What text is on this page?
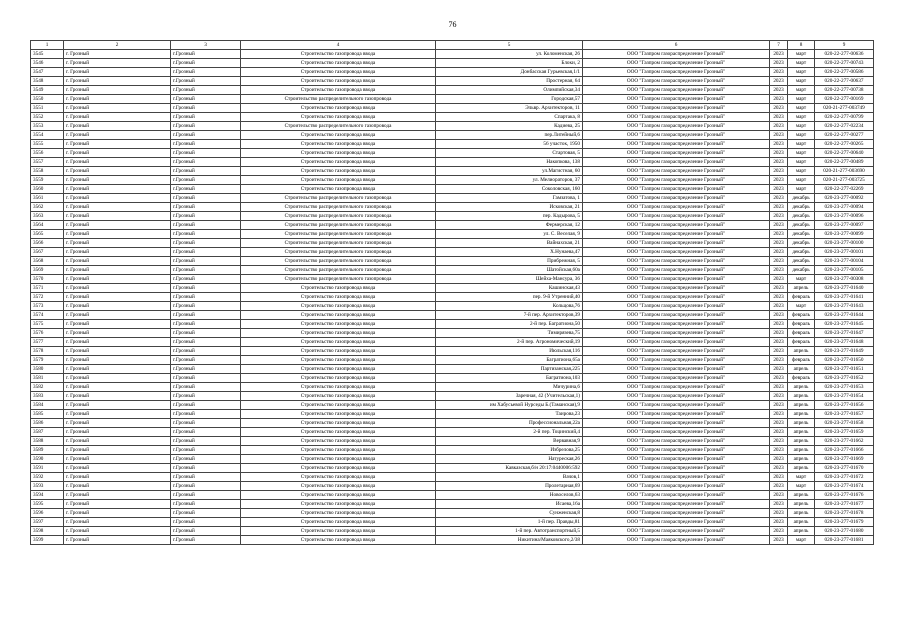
76
1	2	3	4	5	6	7	8	9
3545	г. Грозный	г.Грозный	Строительство газопровода ввода	ул. Коломенская, 26	ООО "Газпром газораспределение Грозный"	2023	март	020-22-277-00636
3546	г. Грозный	г.Грозный	Строительство газопровода ввода	Блоки, 2	ООО "Газпром газораспределение Грозный"	2023	март	020-22-277-00743
3547	г. Грозный	г.Грозный	Строительство газопровода ввода	Донбасская Гурьевская,1/1	ООО "Газпром газораспределение Грозный"	2023	март	020-22-277-00586
3548	г. Грозный	г.Грозный	Строительство газопровода ввода	Простерная, 64	ООО "Газпром газораспределение Грозный"	2023	март	020-22-277-00637
3549	г. Грозный	г.Грозный	Строительство газопровода ввода	Олимпийская,34	ООО "Газпром газораспределение Грозный"	2023	март	020-22-277-00738
3550	г. Грозный	г.Грозный	Строительство распределительного газопровода	Городская,57	ООО "Газпром газораспределение Грозный"	2023	март	020-22-277-00169
3551	г. Грозный	г.Грозный	Строительство газопровода ввода	Эльвр. Архитекторов, 11	ООО "Газпром газораспределение Грозный"	2023	март	020-21-277-003749
3552	г. Грозный	г.Грозный	Строительство газопровода ввода	Спартака, 8	ООО "Газпром газораспределение Грозный"	2023	март	020-22-277-00799
3553	г. Грозный	г.Грозный	Строительство распределительного газопровода	Кадиева, 25	ООО "Газпром газораспределение Грозный"	2023	март	020-22-277-02234
3554	г. Грозный	г.Грозный	Строительство газопровода ввода	пер.Литейный,6	ООО "Газпром газораспределение Грозный"	2023	март	020-22-277-00277
3555	г. Грозный	г.Грозный	Строительство газопровода ввода	56 участок, 1950	ООО "Газпром газораспределение Грозный"	2023	март	020-22-277-00265
3556	г. Грозный	г.Грозный	Строительство газопровода ввода	Стартовая, 5	ООО "Газпром газораспределение Грозный"	2023	март	020-22-277-00640
3557	г. Грозный	г.Грозный	Строительство газопровода ввода	Накопкова, 138	ООО "Газпром газораспределение Грозный"	2023	март	020-22-277-00489
3558	г. Грозный	г.Грозный	Строительство газопровода ввода	ул.Магистная, 60	ООО "Газпром газораспределение Грозный"	2023	март	020-21-277-003690
3559	г. Грозный	г.Грозный	Строительство газопровода ввода	ул. Мелиораторов, 37	ООО "Газпром газораспределение Грозный"	2023	март	020-21-277-003725
3560	г. Грозный	г.Грозный	Строительство газопровода ввода	Соколовская, 160	ООО "Газпром газораспределение Грозный"	2023	март	020-22-277-02269
3561	г. Грозный	г.Грозный	Строительство распределительного газопровода	Гамзатова, 1	ООО "Газпром газораспределение Грозный"	2023	декабрь	020-23-277-00092
3562	г. Грозный	г.Грозный	Строительство распределительного газопровода	Исковская, 21	ООО "Газпром газораспределение Грозный"	2023	декабрь	020-23-277-00094
3563	г. Грозный	г.Грозный	Строительство распределительного газопровода	пер. Кадырова, 5	ООО "Газпром газораспределение Грозный"	2023	декабрь	020-23-277-00096
3564	г. Грозный	г.Грозный	Строительство распределительного газопровода	Фермерская, 12	ООО "Газпром газораспределение Грозный"	2023	декабрь	020-23-277-00097
3565	г. Грозный	г.Грозный	Строительство распределительного газопровода	ул. С. Веселая, 9	ООО "Газпром газораспределение Грозный"	2023	декабрь	020-23-277-00099
3566	г. Грозный	г.Грозный	Строительство распределительного газопровода	Вайнахская, 21	ООО "Газпром газораспределение Грозный"	2023	декабрь	020-23-277-00100
3567	г. Грозный	г.Грозный	Строительство распределительного газопровода	Х.Нунаева,47	ООО "Газпром газораспределение Грозный"	2023	декабрь	020-23-277-00101
3568	г. Грозный	г.Грозный	Строительство распределительного газопровода	Прибрежная, 5	ООО "Газпром газораспределение Грозный"	2023	декабрь	020-23-277-00104
3569	г. Грозный	г.Грозный	Строительство распределительного газопровода	Шатойская,60а	ООО "Газпром газораспределение Грозный"	2023	декабрь	020-23-277-00105
3570	г. Грозный	г.Грозный	Строительство распределительного газопровода	Шейха-Мансура, 36	ООО "Газпром газораспределение Грозный"	2023	март	020-23-277-00308
3571	г. Грозный	г.Грозный	Строительство газопровода ввода	Кашинская,43	ООО "Газпром газораспределение Грозный"	2023	апрель	020-23-277-01640
3572	г. Грозный	г.Грозный	Строительство газопровода ввода	пер. 9-й Утренний,40	ООО "Газпром газораспределение Грозный"	2023	февраль	020-23-277-01641
3573	г. Грозный	г.Грозный	Строительство газопровода ввода	Кольцова,76	ООО "Газпром газораспределение Грозный"	2023	март	020-23-277-01643
3574	г. Грозный	г.Грозный	Строительство газопровода ввода	7-й пер. Архитекторов,39	ООО "Газпром газораспределение Грозный"	2023	февраль	020-23-277-01644
3575	г. Грозный	г.Грозный	Строительство газопровода ввода	2-й пер. Багратиона,50	ООО "Газпром газораспределение Грозный"	2023	февраль	020-23-277-01645
3576	г. Грозный	г.Грозный	Строительство газопровода ввода	Тимирязева,75	ООО "Газпром газораспределение Грозный"	2023	февраль	020-23-277-01647
3577	г. Грозный	г.Грозный	Строительство газопровода ввода	2-й пер. Агрономический,19	ООО "Газпром газораспределение Грозный"	2023	февраль	020-23-277-01648
3578	г. Грозный	г.Грозный	Строительство газопровода ввода	Июльская,116	ООО "Газпром газораспределение Грозный"	2023	апрель	020-23-277-01649
3579	г. Грозный	г.Грозный	Строительство газопровода ввода	Багратиона,65а	ООО "Газпром газораспределение Грозный"	2023	февраль	020-23-277-01650
3580	г. Грозный	г.Грозный	Строительство газопровода ввода	Партизанская,225	ООО "Газпром газораспределение Грозный"	2023	апрель	020-23-277-01651
3581	г. Грозный	г.Грозный	Строительство газопровода ввода	Багратиона,103	ООО "Газпром газораспределение Грозный"	2023	февраль	020-23-277-01652
3582	г. Грозный	г.Грозный	Строительство газопровода ввода	Мичурина,6	ООО "Газпром газораспределение Грозный"	2023	апрель	020-23-277-01653
3583	г. Грозный	г.Грозный	Строительство газопровода ввода	Заречная, 42 (Учительская,1)	ООО "Газпром газораспределение Грозный"	2023	апрель	020-23-277-01654
3584	г. Грозный	г.Грозный	Строительство газопровода ввода	им Хабусьевой Нурседы Б.(Таманская),9	ООО "Газпром газораспределение Грозный"	2023	апрель	020-23-277-01656
3585	г. Грозный	г.Грозный	Строительство газопровода ввода	Таирова,23	ООО "Газпром газораспределение Грозный"	2023	апрель	020-23-277-01657
3586	г. Грозный	г.Грозный	Строительство газопровода ввода	Профессиональная,22а	ООО "Газпром газораспределение Грозный"	2023	апрель	020-23-277-01658
3587	г. Грозный	г.Грозный	Строительство газопровода ввода	2-й пер. Тоцинский,4	ООО "Газпром газораспределение Грозный"	2023	апрель	020-23-277-01659
3588	г. Грозный	г.Грозный	Строительство газопровода ввода	Вервавная,9	ООО "Газпром газораспределение Грозный"	2023	апрель	020-23-277-01662
3589	г. Грозный	г.Грозный	Строительство газопровода ввода	Избрелова,25	ООО "Газпром газораспределение Грозный"	2023	апрель	020-23-277-01666
3590	г. Грозный	г.Грозный	Строительство газопровода ввода	Натуреская,26	ООО "Газпром газораспределение Грозный"	2023	апрель	020-23-277-01669
3591	г. Грозный	г.Грозный	Строительство газопровода ввода	Кавказская,б/н 20:17:0440006:592	ООО "Газпром газораспределение Грозный"	2023	апрель	020-23-277-01670
3592	г. Грозный	г.Грозный	Строительство газопровода ввода	Вачов,1	ООО "Газпром газораспределение Грозный"	2023	март	020-23-277-01672
3593	г. Грозный	г.Грозный	Строительство газопровода ввода	Пролетарная,69	ООО "Газпром газораспределение Грозный"	2023	март	020-23-277-01674
3594	г. Грозный	г.Грозный	Строительство газопровода ввода	Новоселов,63	ООО "Газпром газораспределение Грозный"	2023	апрель	020-23-277-01676
3595	г. Грозный	г.Грозный	Строительство газопровода ввода	Исаева,16а	ООО "Газпром газораспределение Грозный"	2023	апрель	020-23-277-01677
3596	г. Грозный	г.Грозный	Строительство газопровода ввода	Сунженская,8	ООО "Газпром газораспределение Грозный"	2023	апрель	020-23-277-01678
3597	г. Грозный	г.Грозный	Строительство газопровода ввода	1-й пер. Правды,81	ООО "Газпром газораспределение Грозный"	2023	апрель	020-23-277-01679
3598	г. Грозный	г.Грозный	Строительство газопровода ввода	1-й пер. Автотранспортный,5	ООО "Газпром газораспределение Грозный"	2023	апрель	020-23-277-01680
3599	г. Грозный	г.Грозный	Строительство газопровода ввода	Никитина/Маяковского,2/38	ООО "Газпром газораспределение Грозный"	2023	март	020-23-277-01681
